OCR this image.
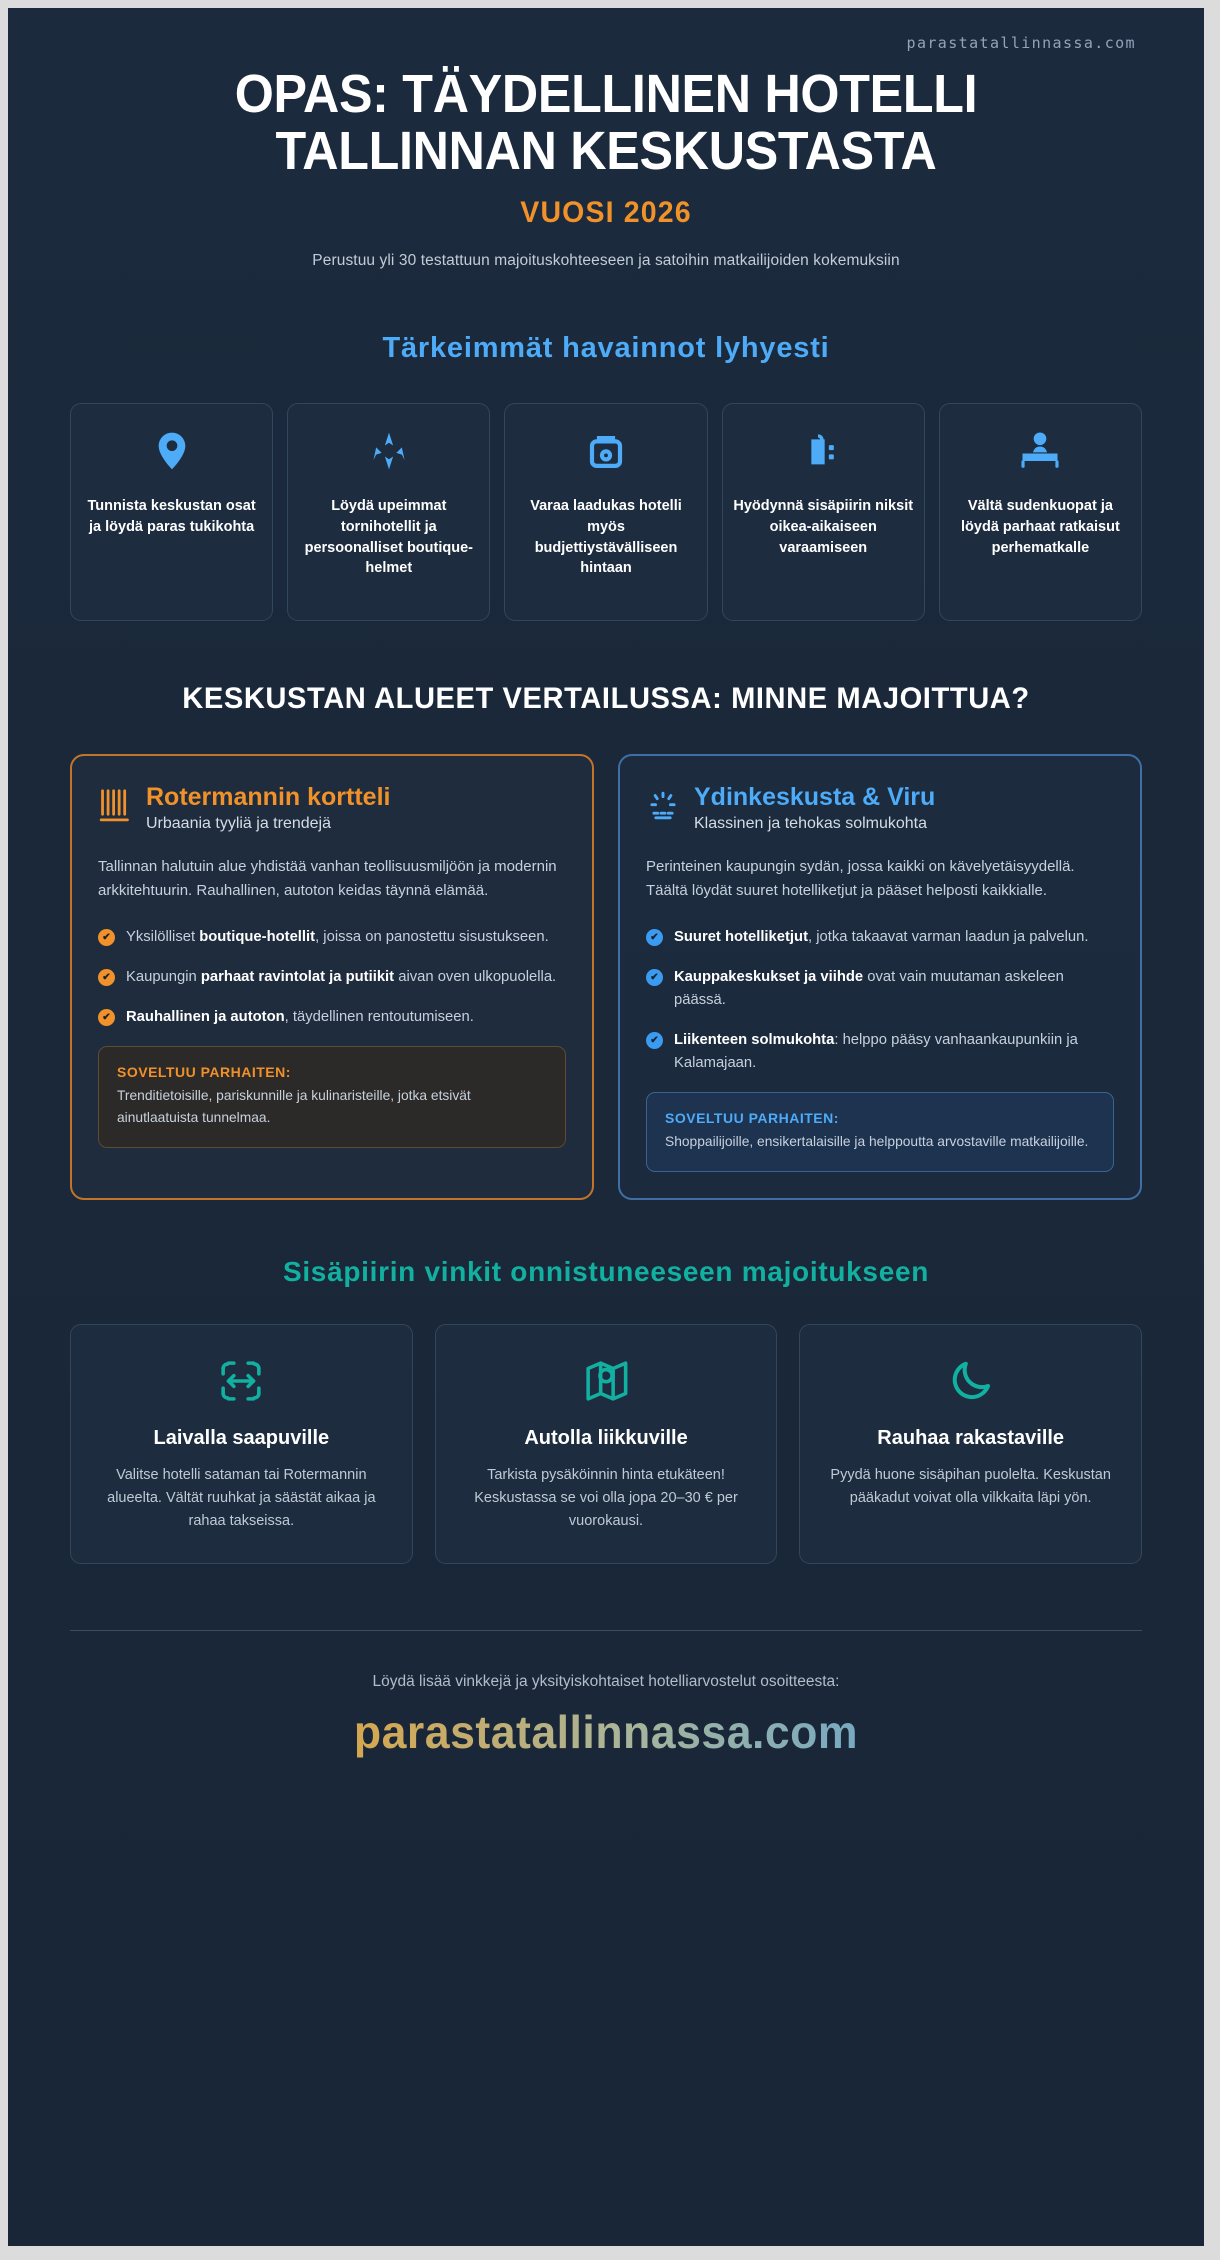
parastatallinnassa.com
OPAS: TÄYDELLINEN HOTELLI
TALLINNAN KESKUSTASTA
VUOSI 2026
Perustuu yli 30 testattuun majoituskohteeseen ja satoihin matkailijoiden kokemuksiin
Tärkeimmät havainnot lyhyesti
Tunnista keskustan osat ja löydä paras tukikohta
Löydä upeimmat tornihotellit ja persoonalliset boutique-helmet
Varaa laadukas hotelli myös budjettiystävälliseen hintaan
Hyödynnä sisäpiirin niksit oikea-aikaiseen varaamiseen
Vältä sudenkuopat ja löydä parhaat ratkaisut perhematkalle
KESKUSTAN ALUEET VERTAILUSSA: MINNE MAJOITTUA?
Rotermannin kortteli
Urbaania tyyliä ja trendejä
Tallinnan halutuin alue yhdistää vanhan teollisuusmiljöön ja modernin arkkitehtuurin. Rauhallinen, autoton keidas täynnä elämää.
✔ Yksilölliset boutique-hotellit, joissa on panostettu sisustukseen.
✔ Kaupungin parhaat ravintolat ja putiikit aivan oven ulkopuolella.
✔ Rauhallinen ja autoton, täydellinen rentoutumiseen.
SOVELTUU PARHAITEN:
Trenditietoisille, pariskunnille ja kulinaristeille, jotka etsivät ainutlaatuista tunnelmaa.
Ydinkeskusta & Viru
Klassinen ja tehokas solmukohta
Perinteinen kaupungin sydän, jossa kaikki on kävelyetäisyydellä. Täältä löydät suuret hotelliketjut ja pääset helposti kaikkialle.
✔ Suuret hotelliketjut, jotka takaavat varman laadun ja palvelun.
✔ Kauppakeskukset ja viihde ovat vain muutaman askeleen päässä.
✔ Liikenteen solmukohta: helppo pääsy vanhaankaupunkiin ja Kalamajaan.
SOVELTUU PARHAITEN:
Shoppailijoille, ensikertalaisille ja helppoutta arvostaville matkailijoille.
Sisäpiirin vinkit onnistuneeseen majoitukseen
Laivalla saapuville
Valitse hotelli sataman tai Rotermannin alueelta. Vältät ruuhkat ja säästät aikaa ja rahaa takseissa.
Autolla liikkuville
Tarkista pysäköinnin hinta etukäteen! Keskustassa se voi olla jopa 20–30 € per vuorokausi.
Rauhaa rakastaville
Pyydä huone sisäpihan puolelta. Keskustan pääkadut voivat olla vilkkaita läpi yön.
Löydä lisää vinkkejä ja yksityiskohtaiset hotelliarvostelut osoitteesta:
parastatallinnassa.com
